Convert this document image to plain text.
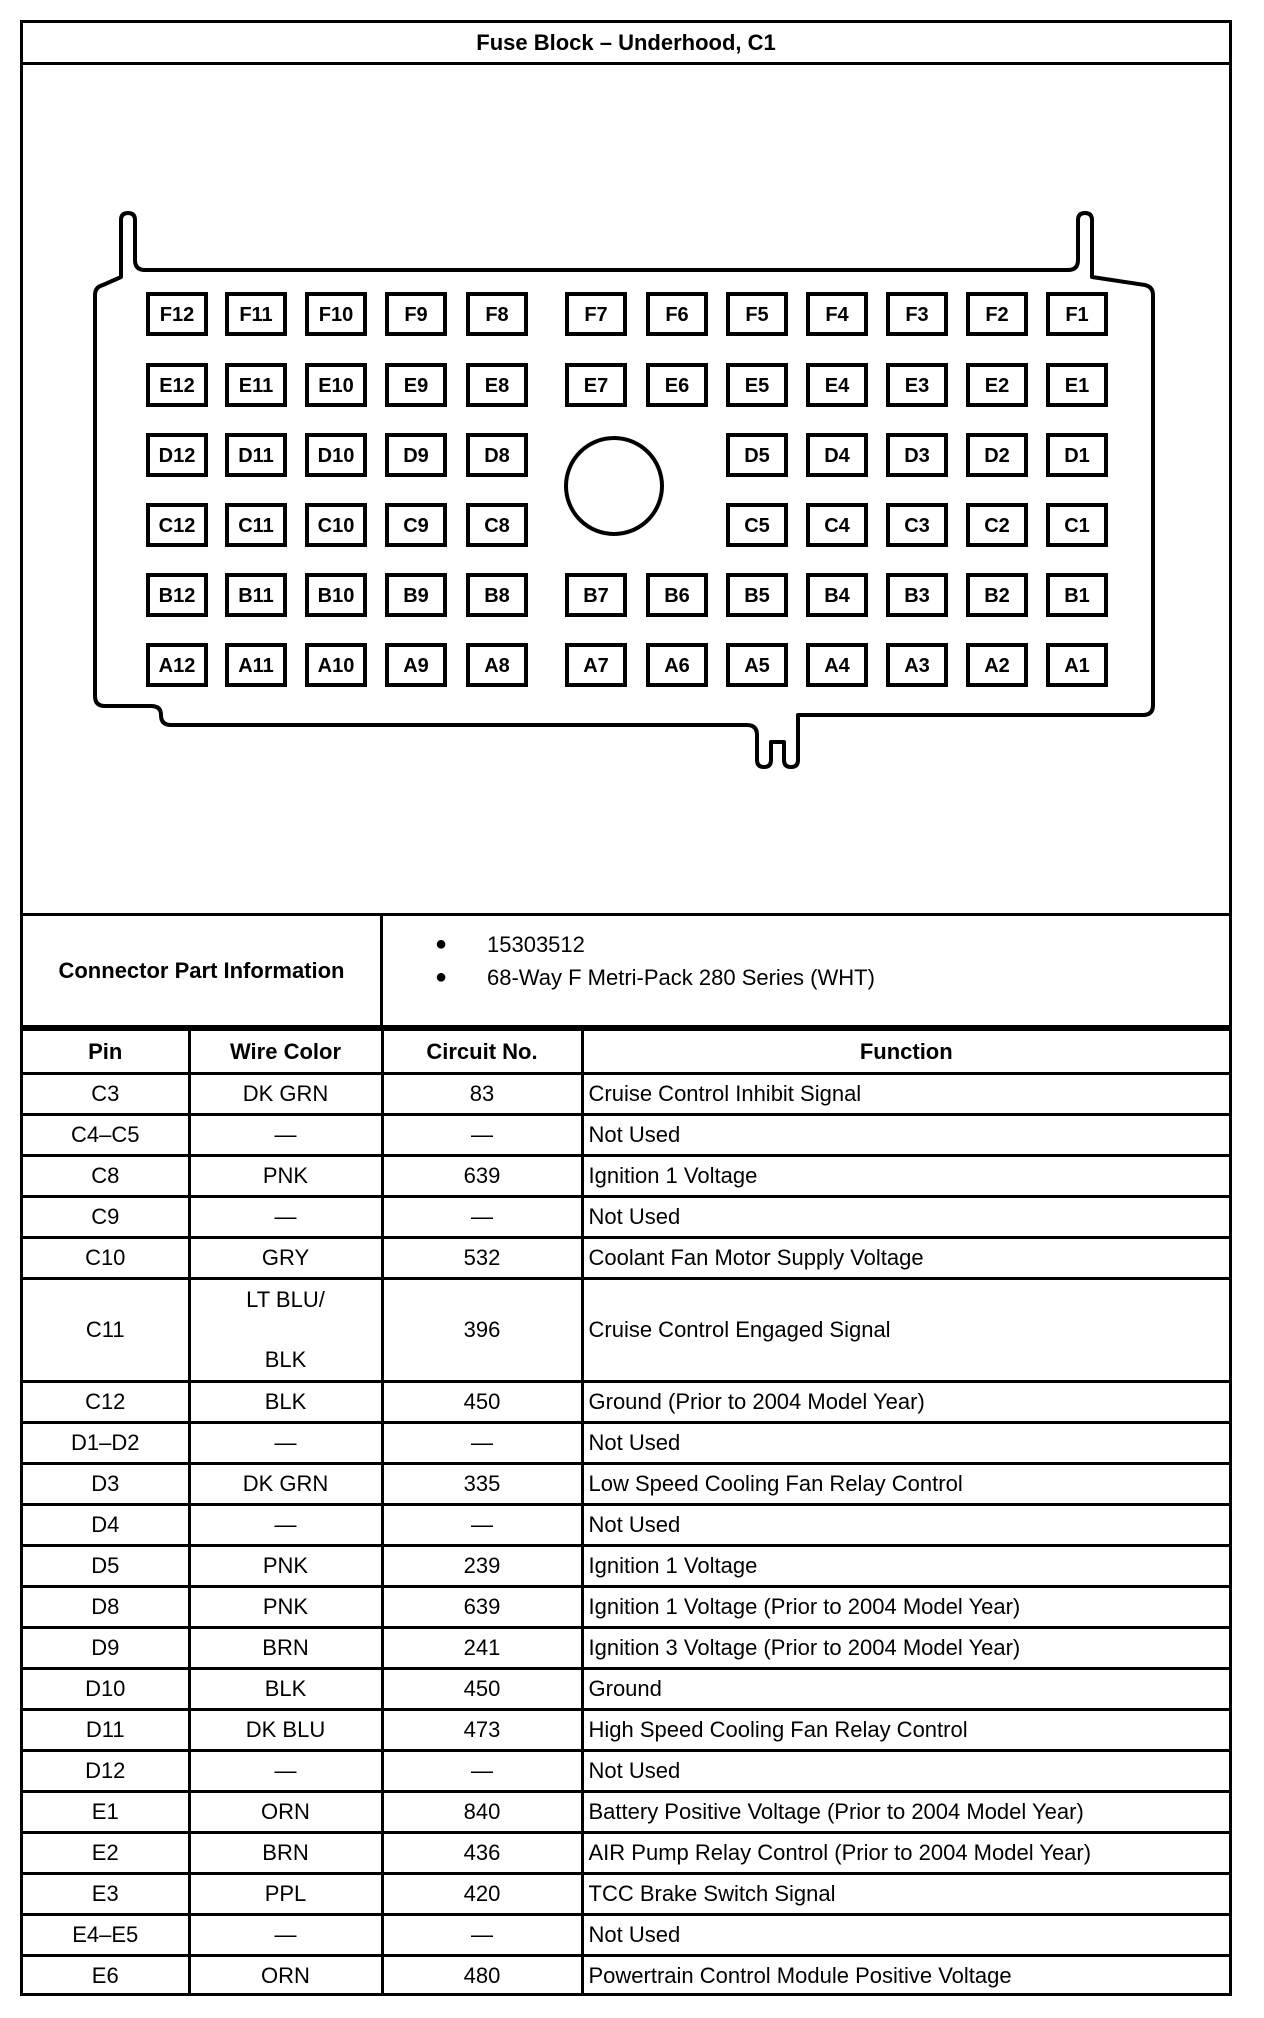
Fuse Block – Underhood, C1
F12 F11 F10	F9	F8	F7	F6	F5	F4	F3	F2	F1
E12 E11 E10 E9	E8	E7	E6	E5	E4	E3	E2	E1
D12 D11 D10 D9	D8	D5	D4	D3	D2	D1
C12 C11 C10 C9	C8	C5	C4	C3	C2	C1
B12 B11 B10 B9	B8	B7	B6	B5	B4	B3	B2	B1
A12 A11 A10 A9	A8	A7	A6	A5	A4	A3	A2	A1
Connector Part Information
● 15303512
● 68-Way F Metri-Pack 280 Series (WHT)
Pin	Wire Color	Circuit No.	Function
C3	DK GRN	83	Cruise Control Inhibit Signal
C4–C5	—	—	Not Used
C8	PNK	639	Ignition 1 Voltage
C9	—	—	Not Used
C10	GRY	532	Coolant Fan Motor Supply Voltage
C11	LT BLU/
BLK	396	Cruise Control Engaged Signal
C12	BLK	450	Ground (Prior to 2004 Model Year)
D1–D2	—	—	Not Used
D3	DK GRN	335	Low Speed Cooling Fan Relay Control
D4	—	—	Not Used
D5	PNK	239	Ignition 1 Voltage
D8	PNK	639	Ignition 1 Voltage (Prior to 2004 Model Year)
D9	BRN	241	Ignition 3 Voltage (Prior to 2004 Model Year)
D10	BLK	450	Ground
D11	DK BLU	473	High Speed Cooling Fan Relay Control
D12	—	—	Not Used
E1	ORN	840	Battery Positive Voltage (Prior to 2004 Model Year)
E2	BRN	436	AIR Pump Relay Control (Prior to 2004 Model Year)
E3	PPL	420	TCC Brake Switch Signal
E4–E5	—	—	Not Used
E6	ORN	480	Powertrain Control Module Positive Voltage
